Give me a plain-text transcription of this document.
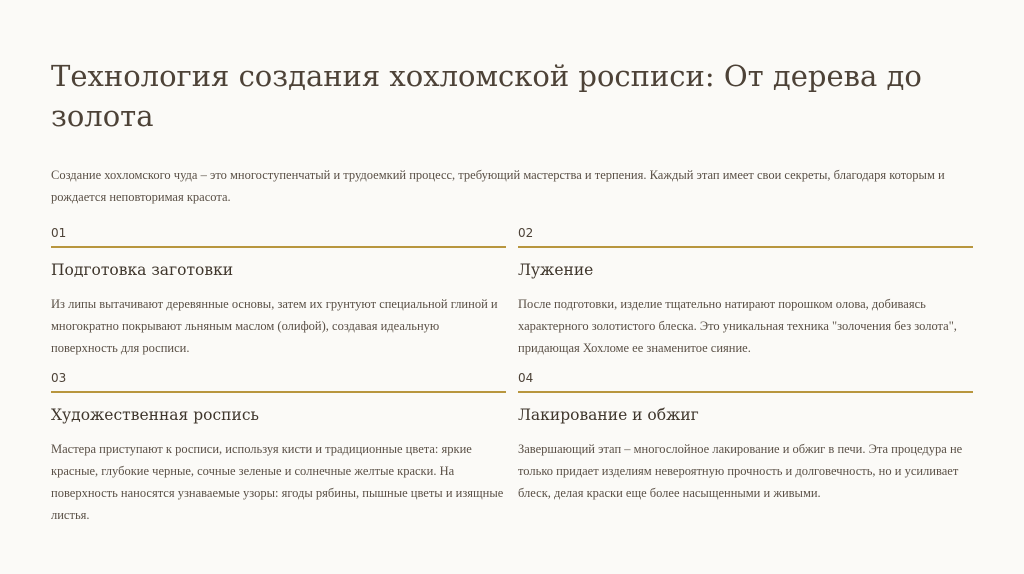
Технология создания хохломской росписи: От дерева до золота

Создание хохломского чуда – это многоступенчатый и трудоемкий процесс, требующий мастерства и терпения. Каждый этап имеет свои секреты, благодаря которым и рождается неповторимая красота.

01
Подготовка заготовки
Из липы вытачивают деревянные основы, затем их грунтуют специальной глиной и многократно покрывают льняным маслом (олифой), создавая идеальную поверхность для росписи.
02
Лужение
После подготовки, изделие тщательно натирают порошком олова, добиваясь характерного золотистого блеска. Это уникальная техника "золочения без золота", придающая Хохломе ее знаменитое сияние.
03
Художественная роспись
Мастера приступают к росписи, используя кисти и традиционные цвета: яркие красные, глубокие черные, сочные зеленые и солнечные желтые краски. На поверхность наносятся узнаваемые узоры: ягоды рябины, пышные цветы и изящные листья.
04
Лакирование и обжиг
Завершающий этап – многослойное лакирование и обжиг в печи. Эта процедура не только придает изделиям невероятную прочность и долговечность, но и усиливает блеск, делая краски еще более насыщенными и живыми.
